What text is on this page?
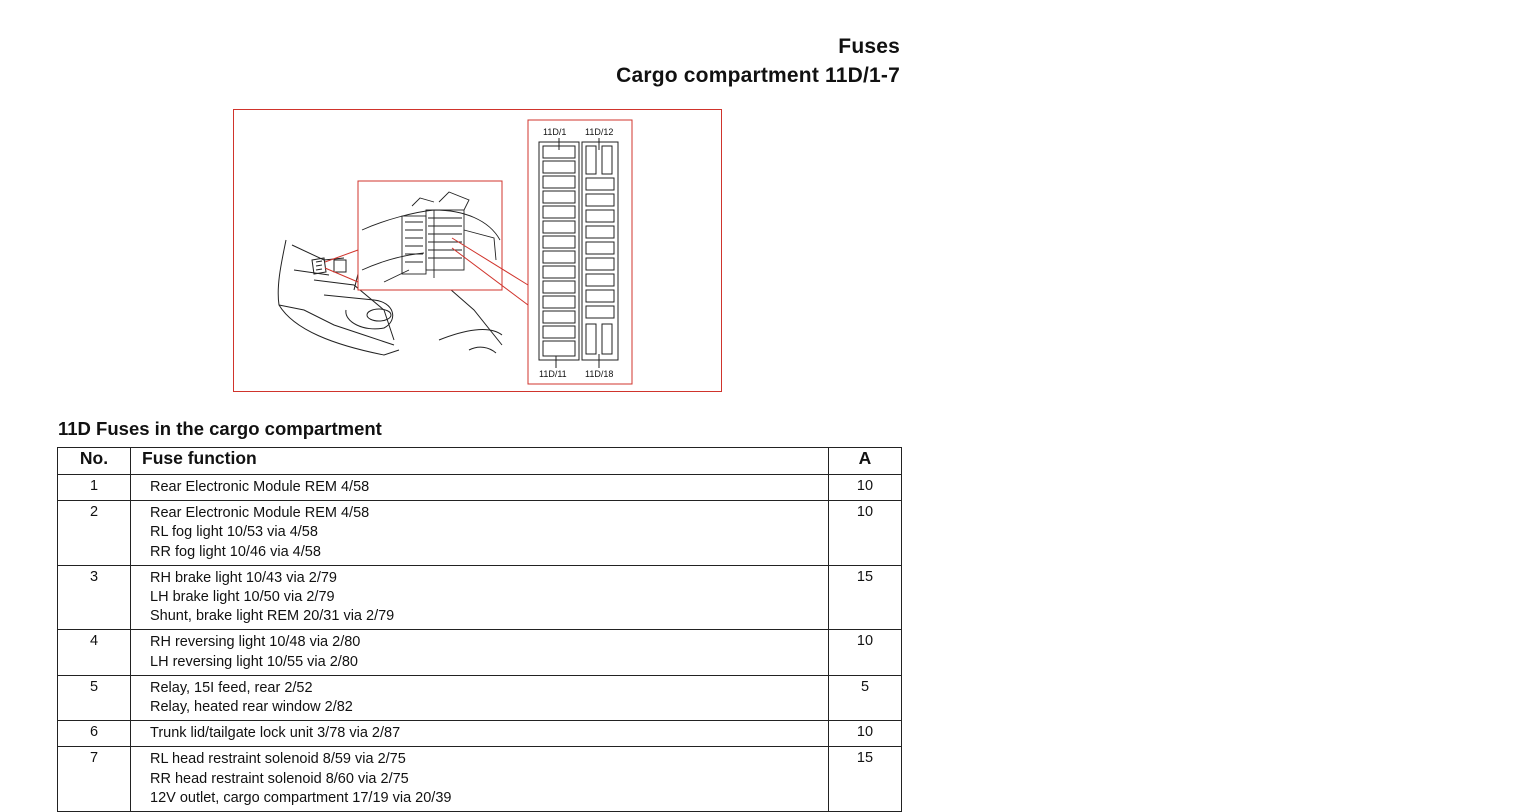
Fuses
Cargo compartment 11D/1-7
11D/1 11D/12
11D/11 11D/18
11D Fuses in the cargo compartment
No.	Fuse function	A
1	Rear Electronic Module REM 4/58	10
2	Rear Electronic Module REM 4/58
RL fog light 10/53 via 4/58
RR fog light 10/46 via 4/58	10
3	RH brake light 10/43 via 2/79
LH brake light 10/50 via 2/79
Shunt, brake light REM 20/31 via 2/79	15
4	RH reversing light 10/48 via 2/80
LH reversing light 10/55 via 2/80	10
5	Relay, 15I feed, rear 2/52
Relay, heated rear window 2/82	5
6	Trunk lid/tailgate lock unit 3/78 via 2/87	10
7	RL head restraint solenoid 8/59 via 2/75
RR head restraint solenoid 8/60 via 2/75
12V outlet, cargo compartment 17/19 via 20/39	15
